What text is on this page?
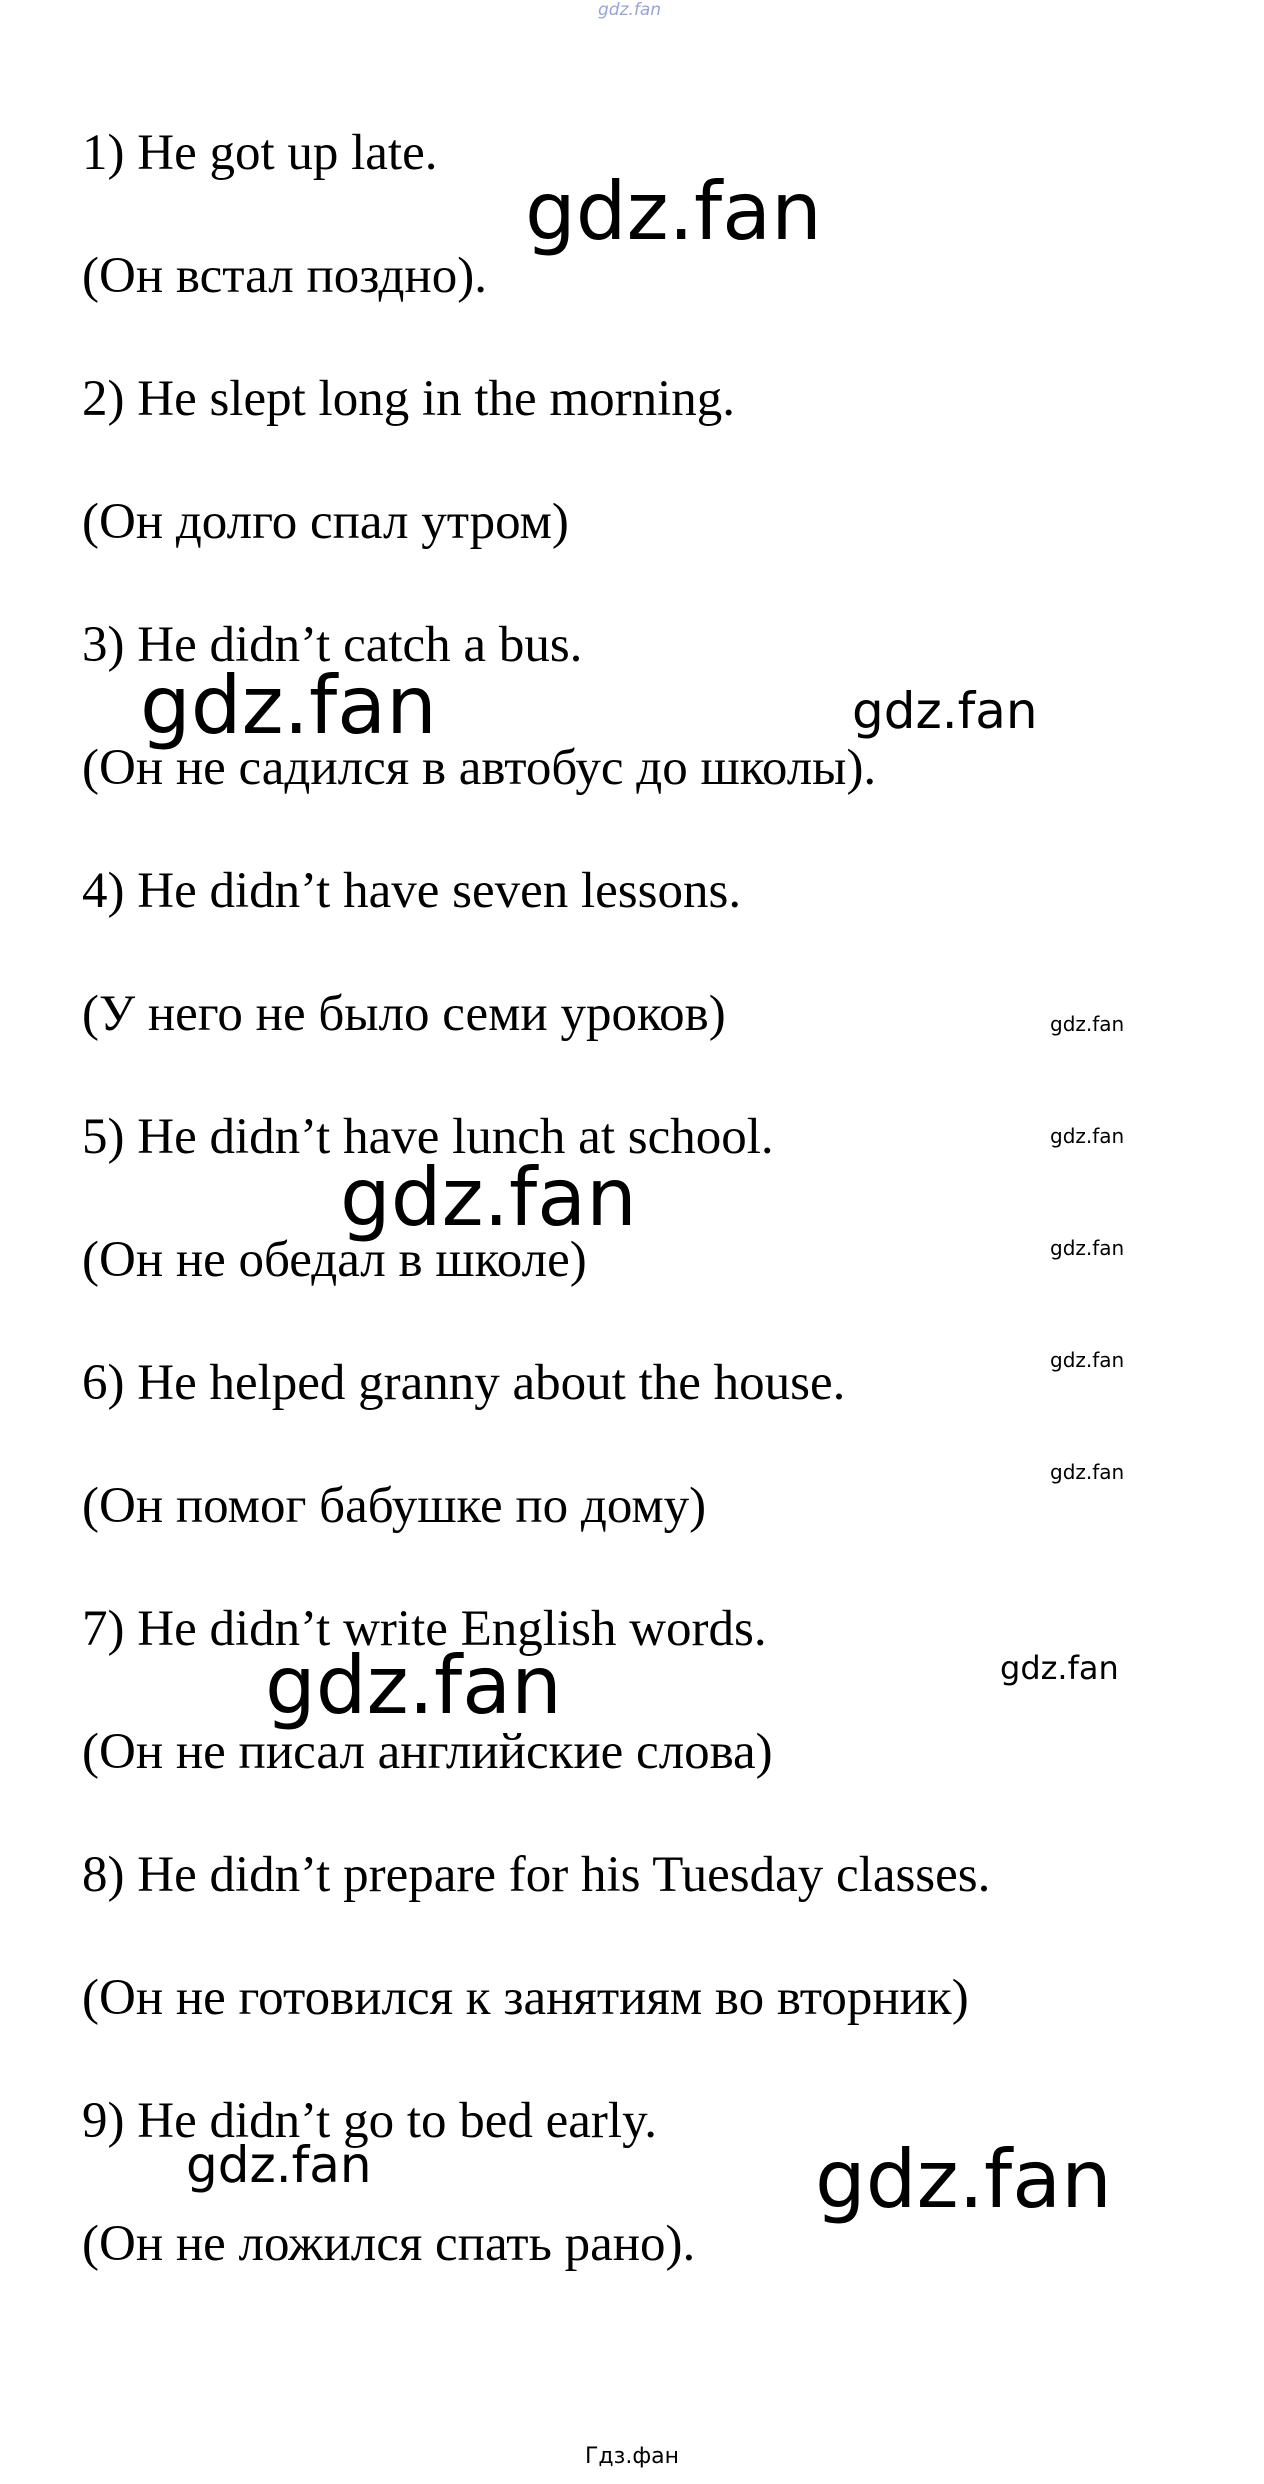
gdz.fan
1) He got up late.
(Он встал поздно).
2) He slept long in the morning.
(Он долго спал утром)
3) He didn’t catch a bus.
(Он не садился в автобус до школы).
4) He didn’t have seven lessons.
(У него не было семи уроков)
5) He didn’t have lunch at school.
(Он не обедал в школе)
6) He helped granny about the house.
(Он помог бабушке по дому)
7) He didn’t write English words.
(Он не писал английские слова)
8) He didn’t prepare for his Tuesday classes.
(Он не готовился к занятиям во вторник)
9) He didn’t go to bed early.
(Он не ложился спать рано).
gdz.fan
gdz.fan	gdz.fan
gdz.fan
gdz.fan
gdz.fan
gdz.fan
gdz.fan
gdz.fan
gdz.fan
gdz.fan
gdz.fan	gdz.fan
Гдз.фан
